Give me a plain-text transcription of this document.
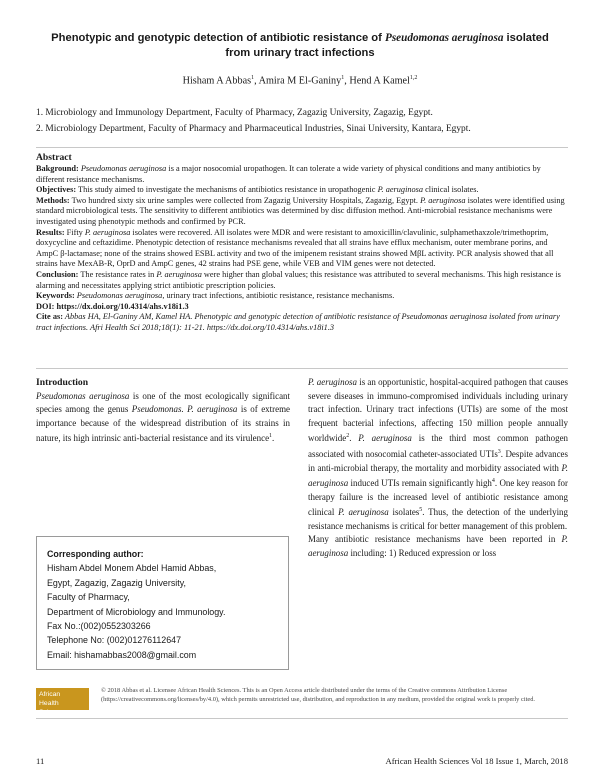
Phenotypic and genotypic detection of antibiotic resistance of Pseudomonas aeruginosa isolated from urinary tract infections
Hisham A Abbas$^1$, Amira M El-Ganiny$^1$, Hend A Kamel$^{1,2}$
1. Microbiology and Immunology Department, Faculty of Pharmacy, Zagazig University, Zagazig, Egypt.
2. Microbiology Department, Faculty of Pharmacy and Pharmaceutical Industries, Sinai University, Kantara, Egypt.
Abstract

Bakground: Pseudomonas aeruginosa is a major nosocomial uropathogen. It can tolerate a wide variety of physical conditions and many antibiotics by different resistance mechanisms.

Objectives: This study aimed to investigate the mechanisms of antibiotics resistance in uropathogenic P. aeruginosa clinical isolates.

Methods: Two hundred sixty six urine samples were collected from Zagazig University Hospitals, Zagazig, Egypt. P. aeruginosa isolates were identified using standard microbiological tests. The sensitivity to different antibiotics was determined by disc diffusion method. Anti-microbial resistance mechanisms were investigated using phenotypic methods and confirmed by PCR.

Results: Fifty P. aeruginosa isolates were recovered. All isolates were MDR and were resistant to amoxicillin/clavulinic, sulphamethaxzole/trimethoprim, doxycycline and ceftazidime. Phenotypic detection of resistance mechanisms revealed that all strains have efflux mechanism, outer membrane porins, and AmpC β-lactamase; none of the strains showed ESBL activity and two of the imipenem resistant strains showed MβL activity. PCR analysis showed that all strains have MexAB-R, OprD and AmpC genes, 42 strains had PSE gene, while VEB and VIM genes were not detected.

Conclusion: The resistance rates in P. aeruginosa were higher than global values; this resistance was attributed to several mechanisms. This high resistance is alarming and necessitates applying strict antibiotic prescription policies.

Keywords: Pseudomonas aeruginosa, urinary tract infections, antibiotic resistance, resistance mechanisms.

DOI: https://dx.doi.org/10.4314/ahs.v18i1.3

Cite as: Abbas HA, El-Ganiny AM, Kamel HA. Phenotypic and genotypic detection of antibiotic resistance of Pseudomonas aeruginosa isolated from urinary tract infections. Afri Health Sci 2018;18(1): 11-21. https://dx.doi.org/10.4314/ahs.v18i1.3

Introduction

Pseudomonas aeruginosa is one of the most ecologically significant species among the genus Pseudomonas. P. aeruginosa is of extreme importance because of the widespread distribution of its strains in nature, its high intrinsic anti-bacterial resistance and its virulence$^1$.

Corresponding author:
Hisham Abdel Monem Abdel Hamid Abbas,
Egypt, Zagazig, Zagazig University,
Faculty of Pharmacy,
Department of Microbiology and Immunology.
Fax No.:(002)0552303266
Telephone No: (002)01276112647
Email: hishamabbas2008@gmail.com

P. aeruginosa is an opportunistic, hospital-acquired pathogen that causes severe diseases in immuno-compromised individuals including urinary tract infection. Urinary tract infections (UTIs) are some of the most frequent bacterial infections, affecting 150 million people annually worldwide$^2$. P. aeruginosa is the third most common pathogen associated with nosocomial catheter-associated UTIs$^3$. Despite advances in anti-microbial therapy, the mortality and morbidity associated with P. aeruginosa induced UTIs remain significantly high$^4$. One key reason for therapy failure is the increased level of antibiotic resistance among clinical P. aeruginosa isolates$^5$. Thus, the detection of the underlying resistance mechanisms is critical for better management of this problem.

Many antibiotic resistance mechanisms have been reported in P. aeruginosa including: 1) Reduced expression or loss

African
Health Sciences
© 2018 Abbas et al. Licensee African Health Sciences. This is an Open Access article distributed under the terms of the Creative commons Attribution License (https://creativecommons.org/licenses/by/4.0), which permits unrestricted use, distribution, and reproduction in any medium, provided the original work is properly cited.
11	African Health Sciences Vol 18 Issue 1, March, 2018
